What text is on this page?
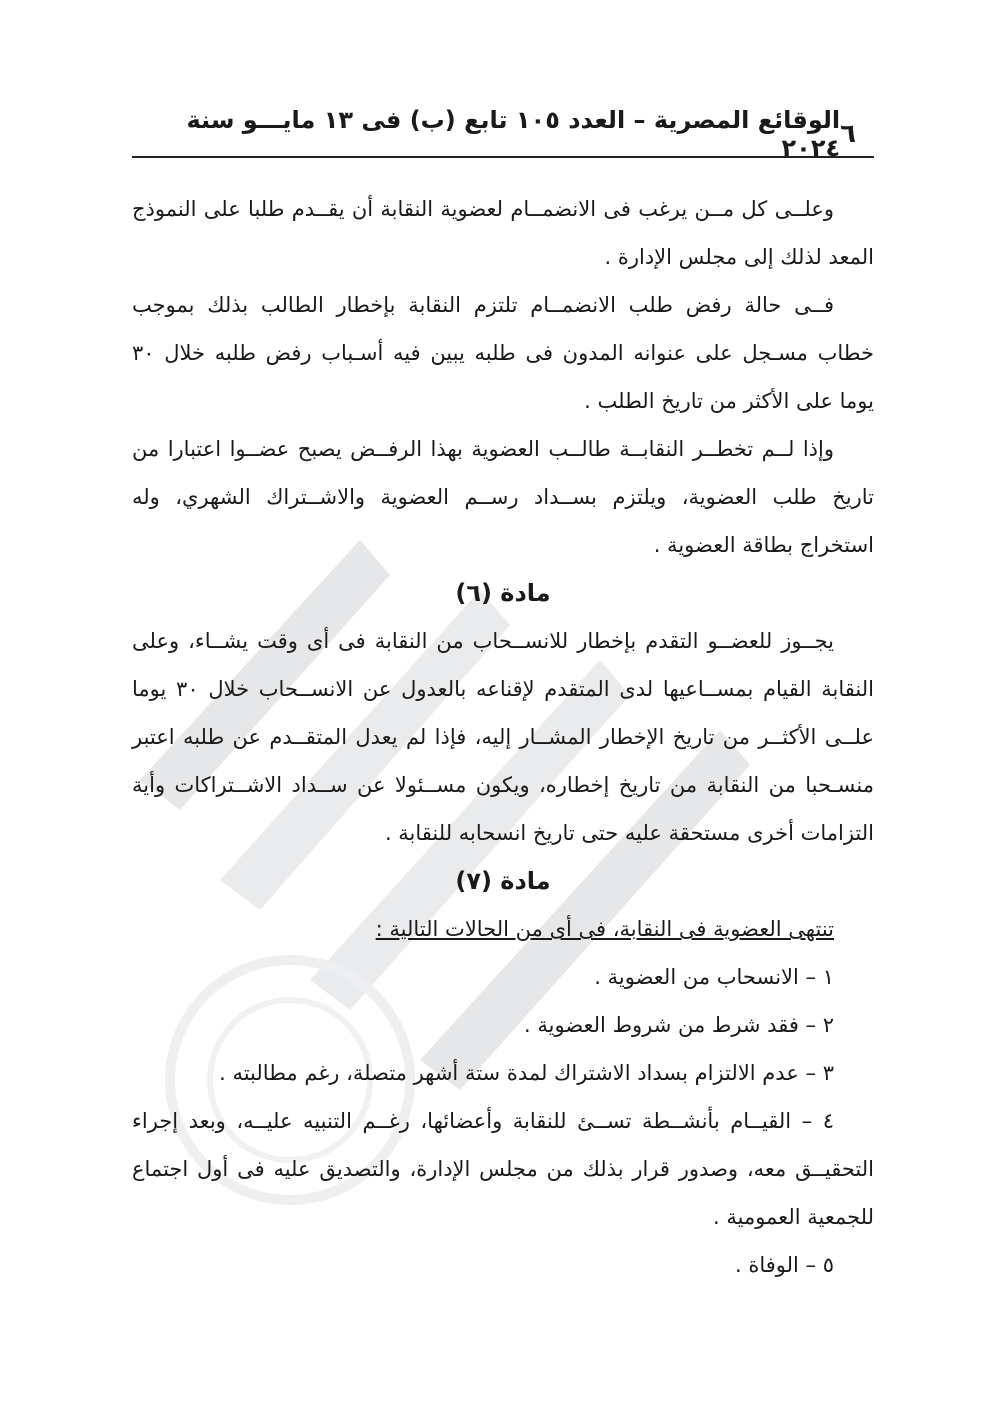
٦
الوقائع المصرية – العدد ١٠٥ تابع (ب) فى ١٣ مايـــو سنة ٢٠٢٤

وعلــى كل مــن يرغب فى الانضمــام لعضوية النقابة أن يقــدم طلبا على النموذج المعد لذلك إلى مجلس الإدارة .

فــى حالة رفض طلب الانضمــام تلتزم النقابة بإخطار الطالب بذلك بموجب خطاب مسـجل على عنوانه المدون فى طلبه يبين فيه أسـباب رفض طلبه خلال ٣٠ يوما على الأكثر من تاريخ الطلب .

وإذا لــم تخطــر النقابــة طالــب العضوية بهذا الرفــض يصبح عضــوا اعتبارا من تاريخ طلب العضوية، ويلتزم بســداد رســم العضوية والاشــتراك الشهري، وله استخراج بطاقة العضوية .

مادة (٦)

يجــوز للعضــو التقدم بإخطار للانســحاب من النقابة فى أى وقت يشــاء، وعلى النقابة القيام بمســاعيها لدى المتقدم لإقناعه بالعدول عن الانســحاب خلال ٣٠ يوما علــى الأكثــر من تاريخ الإخطار المشــار إليه، فإذا لم يعدل المتقــدم عن طلبه اعتبر منسـحبا من النقابة من تاريخ إخطاره، ويكون مســئولا عن ســداد الاشــتراكات وأية التزامات أخرى مستحقة عليه حتى تاريخ انسحابه للنقابة .

مادة (٧)

تنتهى العضوية فى النقابة، فى أى من الحالات التالية :

١ – الانسحاب من العضوية .

٢ – فقد شرط من شروط العضوية .

٣ – عدم الالتزام بسداد الاشتراك لمدة ستة أشهر متصلة، رغم مطالبته .

٤ – القيــام بأنشــطة تســئ للنقابة وأعضائها، رغــم التنبيه عليــه، وبعد إجراء التحقيــق معه، وصدور قرار بذلك من مجلس الإدارة، والتصديق عليه فى أول اجتماع للجمعية العمومية .

٥ – الوفاة .
